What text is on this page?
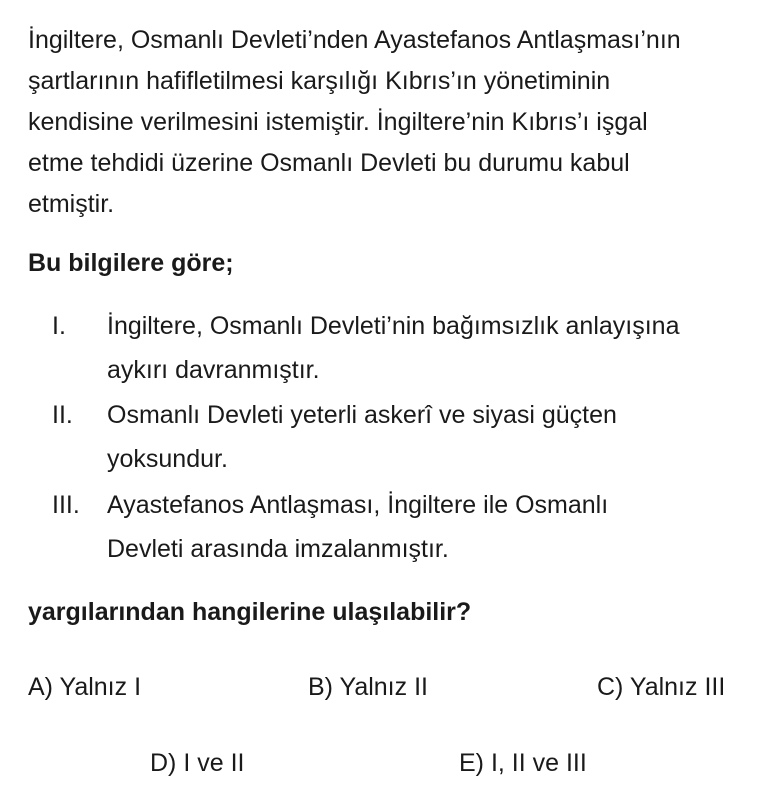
İngiltere, Osmanlı Devleti’nden Ayastefanos Antlaşması’nın
şartlarının hafifletilmesi karşılığı Kıbrıs’ın yönetiminin
kendisine verilmesini istemiştir. İngiltere’nin Kıbrıs’ı işgal
etme tehdidi üzerine Osmanlı Devleti bu durumu kabul
etmiştir.
Bu bilgilere göre;
I. İngiltere, Osmanlı Devleti’nin bağımsızlık anlayışına
aykırı davranmıştır.
II. Osmanlı Devleti yeterli askerî ve siyasi güçten
yoksundur.
III. Ayastefanos Antlaşması, İngiltere ile Osmanlı
Devleti arasında imzalanmıştır.
yargılarından hangilerine ulaşılabilir?
A) Yalnız I	B) Yalnız II	C) Yalnız III
D) I ve II	E) I, II ve III
